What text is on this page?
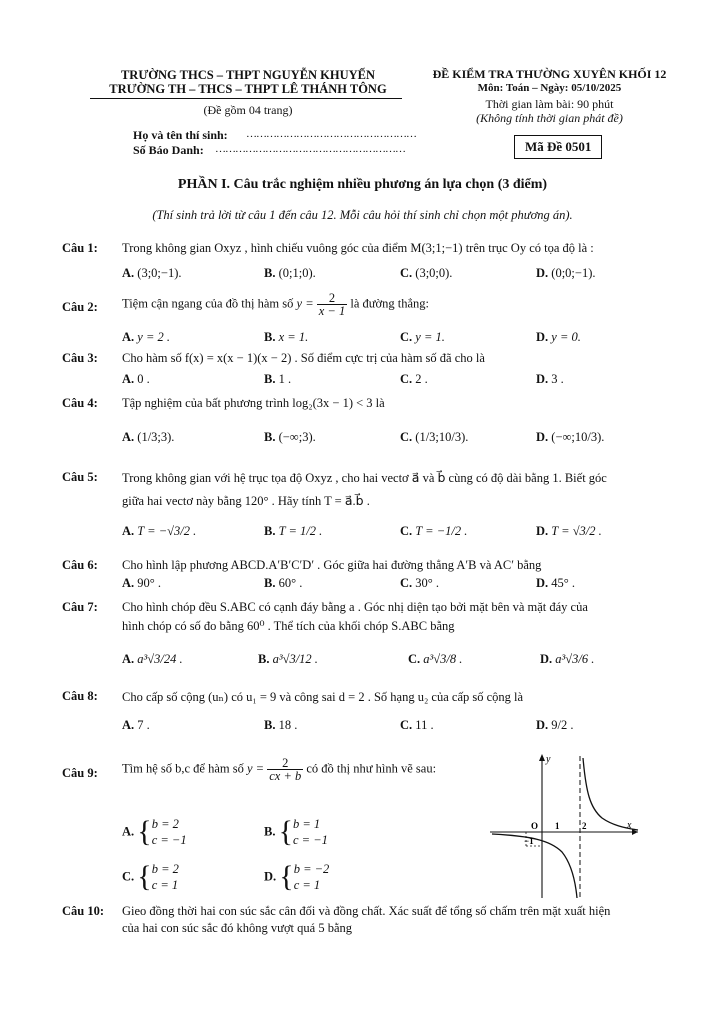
TRƯỜNG THCS – THPT NGUYỄN KHUYẾN
TRƯỜNG TH – THCS – THPT LÊ THÁNH TÔNG
(Đề gồm 04 trang)
ĐỀ KIỂM TRA THƯỜNG XUYÊN KHỐI 12
Môn: Toán – Ngày: 05/10/2025
Thời gian làm bài: 90 phút
(Không tính thời gian phát đề)
Họ và tên thí sinh: ……………………………………………
Số Báo Danh: …………………………………………………	Mã Đề 0501
PHẦN I. Câu trắc nghiệm nhiều phương án lựa chọn (3 điểm)
(Thí sinh trả lời từ câu 1 đến câu 12. Mỗi câu hỏi thí sinh chỉ chọn một phương án).
Câu 1: Trong không gian Oxyz , hình chiếu vuông góc của điểm M(3;1;−1) trên trục Oy có tọa độ là :
A. (3;0;−1).	B. (0;1;0).	C. (3;0;0).	D. (0;0;−1).
Câu 2: Tiệm cận ngang của đồ thị hàm số $y = \frac{2}{x - 1}$ là đường thẳng:
A. y = 2 .	B. x = 1.	C. y = 1.	D. y = 0.
Câu 3: Cho hàm số f(x) = x(x − 1)(x − 2) . Số điểm cực trị của hàm số đã cho là
A. 0 .	B. 1 .	C. 2 .	D. 3 .
Câu 4: Tập nghiệm của bất phương trình log₂(3x − 1) < 3 là
A. (1/3;3).	B. (−∞;3).	C. (1/3;10/3).	D. (−∞;10/3).
Câu 5: Trong không gian với hệ trục tọa độ Oxyz , cho hai vectơ a⃗ và b⃗ cùng có độ dài bằng 1. Biết góc
giữa hai vectơ này bằng 120° . Hãy tính T = a⃗.b⃗ .
A. T = −√3/2 .	B. T = 1/2 .	C. T = −1/2 .	D. T = √3/2 .
Câu 6: Cho hình lập phương ABCD.A′B′C′D′ . Góc giữa hai đường thẳng A′B và AC′ bằng
A. 90° .	B. 60° .	C. 30° .	D. 45° .
Câu 7: Cho hình chóp đều S.ABC có cạnh đáy bằng a . Góc nhị diện tạo bởi mặt bên và mặt đáy của
hình chóp có số đo bằng 60⁰ . Thể tích của khối chóp S.ABC bằng
A. a³√3/24 .	B. a³√3/12 .	C. a³√3/8 .	D. a³√3/6 .
Câu 8: Cho cấp số cộng (uₙ) có u₁ = 9 và công sai d = 2 . Số hạng u₂ của cấp số cộng là
A. 7 .	B. 18 .	C. 11 .	D. 9/2 .
Câu 9: Tìm hệ số b,c để hàm số $y = \frac{2}{cx + b}$ có đồ thị như hình vẽ sau:
A. {b = 2
c = −1
B. {b = 1
c = −1
C. {b = 2
c = 1
D. {b = −2
c = 1
y
x
O 1	2
−1
Câu 10: Gieo đồng thời hai con súc sắc cân đối và đồng chất. Xác suất để tổng số chấm trên mặt xuất hiện
của hai con súc sắc đó không vượt quá 5 bằng
